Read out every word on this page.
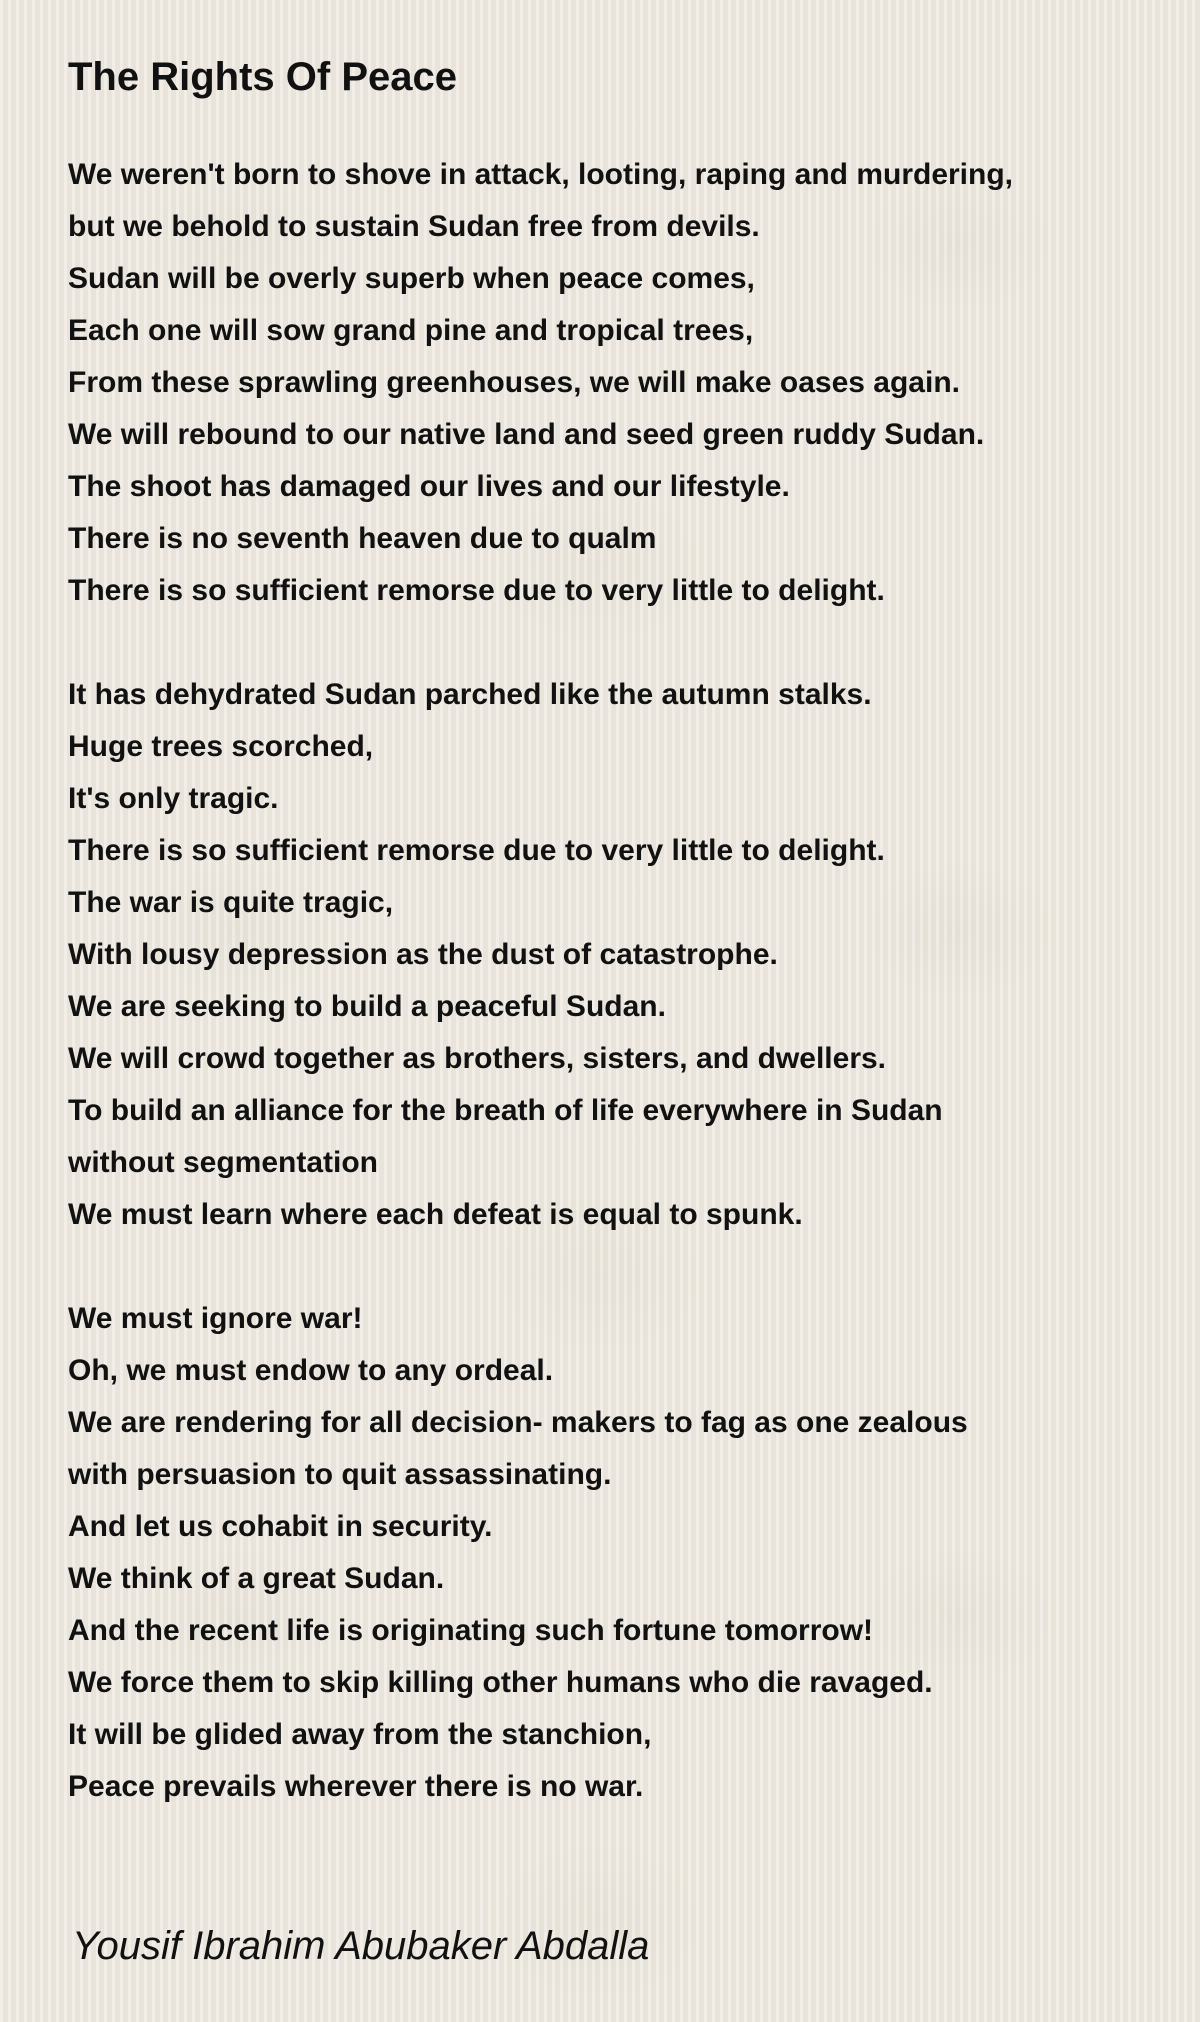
The Rights Of Peace
We weren't born to shove in attack, looting, raping and murdering,
but we behold to sustain Sudan free from devils.
Sudan will be overly superb when peace comes,
Each one will sow grand pine and tropical trees,
From these sprawling greenhouses, we will make oases again.
We will rebound to our native land and seed green ruddy Sudan.
The shoot has damaged our lives and our lifestyle.
There is no seventh heaven due to qualm
There is so sufficient remorse due to very little to delight.
It has dehydrated Sudan parched like the autumn stalks.
Huge trees scorched,
It's only tragic.
There is so sufficient remorse due to very little to delight.
The war is quite tragic,
With lousy depression as the dust of catastrophe.
We are seeking to build a peaceful Sudan.
We will crowd together as brothers, sisters, and dwellers.
To build an alliance for the breath of life everywhere in Sudan
without segmentation
We must learn where each defeat is equal to spunk.
We must ignore war!
Oh, we must endow to any ordeal.
We are rendering for all decision- makers to fag as one zealous
with persuasion to quit assassinating.
And let us cohabit in security.
We think of a great Sudan.
And the recent life is originating such fortune tomorrow!
We force them to skip killing other humans who die ravaged.
It will be glided away from the stanchion,
Peace prevails wherever there is no war.
Yousif Ibrahim Abubaker Abdalla
